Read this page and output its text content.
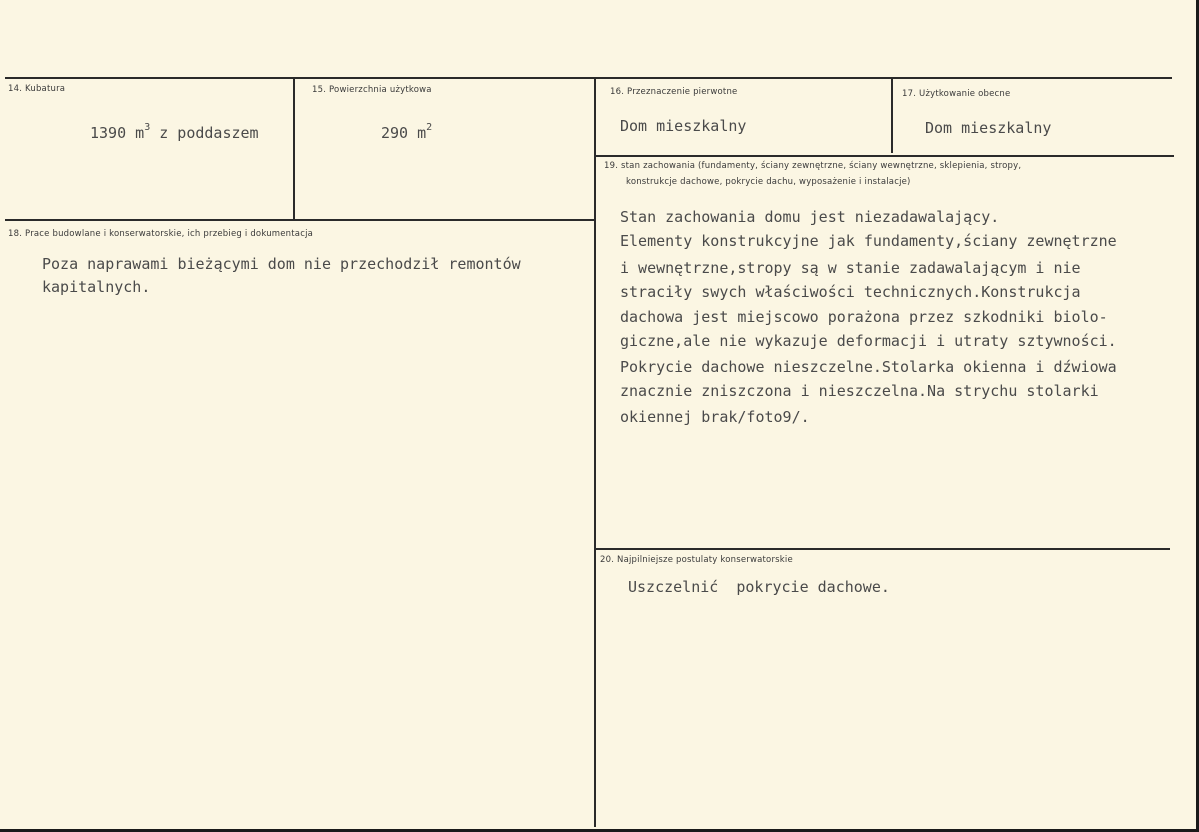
14. Kubatura
1390 $m^3$ z poddaszem
15. Powierzchnia użytkowa
290 $m^2$
16. Przeznaczenie pierwotne
Dom mieszkalny
17. Użytkowanie obecne
Dom mieszkalny
18. Prace budowlane i konserwatorskie, ich przebieg i dokumentacja
Poza naprawami bieżącymi dom nie przechodził remontów
kapitalnych.
19. stan zachowania (fundamenty, ściany zewnętrzne, ściany wewnętrzne, sklepienia, stropy,
konstrukcje dachowe, pokrycie dachu, wyposażenie i instalacje)
Stan zachowania domu jest niezadawalający.
Elementy konstrukcyjne jak fundamenty,ściany zewnętrzne
i wewnętrzne,stropy są w stanie zadawalającym i nie
straciły swych właściwości technicznych.Konstrukcja
dachowa jest miejscowo porażona przez szkodniki biolo-
giczne,ale nie wykazuje deformacji i utraty sztywności.
Pokrycie dachowe nieszczelne.Stolarka okienna i dźwiowa
znacznie zniszczona i nieszczelna.Na strychu stolarki
okiennej brak/foto9/.
20. Najpilniejsze postulaty konserwatorskie
Uszczelnić  pokrycie dachowe.
